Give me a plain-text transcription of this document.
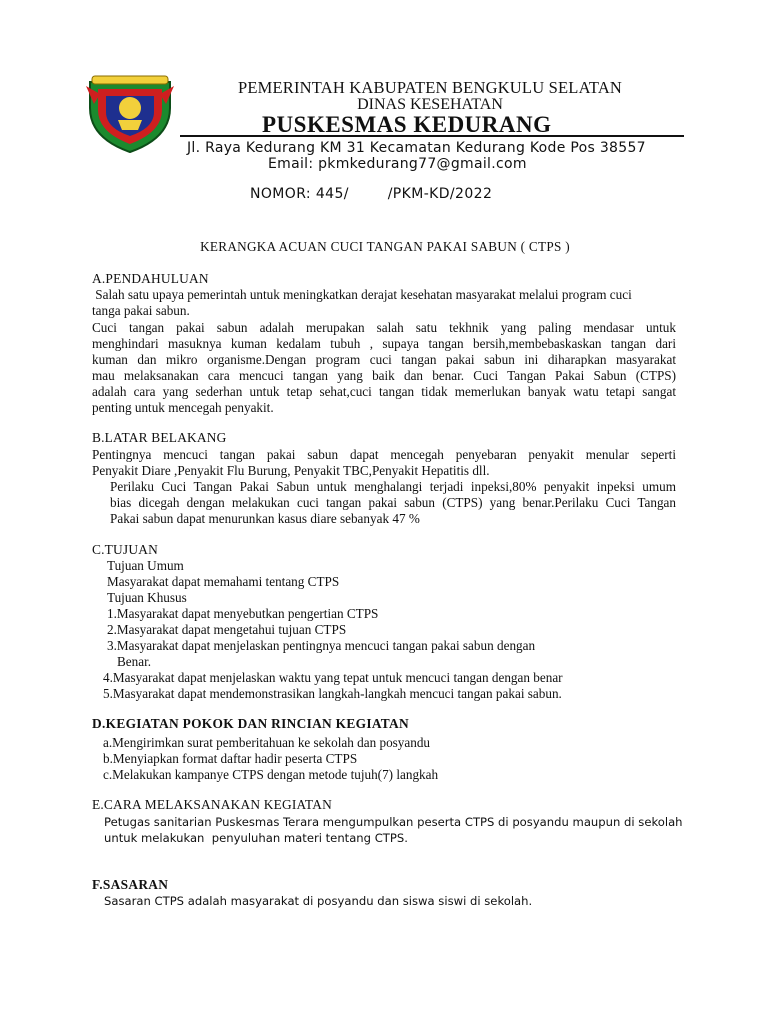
PEMERINTAH KABUPATEN BENGKULU SELATAN
DINAS KESEHATAN
PUSKESMAS KEDURANG
Jl. Raya Kedurang KM 31 Kecamatan Kedurang Kode Pos 38557
Email: pkmkedurang77@gmail.com
NOMOR: 445/        /PKM-KD/2022
KERANGKA ACUAN CUCI TANGAN PAKAI SABUN ( CTPS )
A.PENDAHULUAN
Salah satu upaya pemerintah untuk meningkatkan derajat kesehatan masyarakat melalui program cuci
tanga pakai sabun.
Cuci tangan pakai sabun adalah merupakan salah satu tekhnik yang paling mendasar untuk
menghindari masuknya kuman kedalam tubuh , supaya tangan bersih,membebaskaskan tangan dari
kuman dan mikro organisme.Dengan program cuci tangan pakai sabun ini diharapkan masyarakat
mau melaksanakan cara mencuci tangan yang baik dan benar. Cuci Tangan Pakai Sabun (CTPS)
adalah cara yang sederhan untuk tetap sehat,cuci tangan tidak memerlukan banyak watu tetapi sangat
penting untuk mencegah penyakit.
B.LATAR BELAKANG
Pentingnya mencuci tangan pakai sabun dapat mencegah penyebaran penyakit menular seperti
Penyakit Diare ,Penyakit Flu Burung, Penyakit TBC,Penyakit Hepatitis dll.
Perilaku Cuci Tangan Pakai Sabun untuk menghalangi terjadi inpeksi,80% penyakit inpeksi umum
bias dicegah dengan melakukan cuci tangan pakai sabun (CTPS) yang benar.Perilaku Cuci Tangan
Pakai sabun dapat menurunkan kasus diare sebanyak 47 %
C.TUJUAN
Tujuan Umum
Masyarakat dapat memahami tentang CTPS
Tujuan Khusus
1.Masyarakat dapat menyebutkan pengertian CTPS
2.Masyarakat dapat mengetahui tujuan CTPS
3.Masyarakat dapat menjelaskan pentingnya mencuci tangan pakai sabun dengan
Benar.
4.Masyarakat dapat menjelaskan waktu yang tepat untuk mencuci tangan dengan benar
5.Masyarakat dapat mendemonstrasikan langkah-langkah mencuci tangan pakai sabun.
D.KEGIATAN POKOK DAN RINCIAN KEGIATAN
a.Mengirimkan surat pemberitahuan ke sekolah dan posyandu
b.Menyiapkan format daftar hadir peserta CTPS
c.Melakukan kampanye CTPS dengan metode tujuh(7) langkah
E.CARA MELAKSANAKAN KEGIATAN
Petugas sanitarian Puskesmas Terara mengumpulkan peserta CTPS di posyandu maupun di sekolah
untuk melakukan  penyuluhan materi tentang CTPS.
F.SASARAN
Sasaran CTPS adalah masyarakat di posyandu dan siswa siswi di sekolah.
